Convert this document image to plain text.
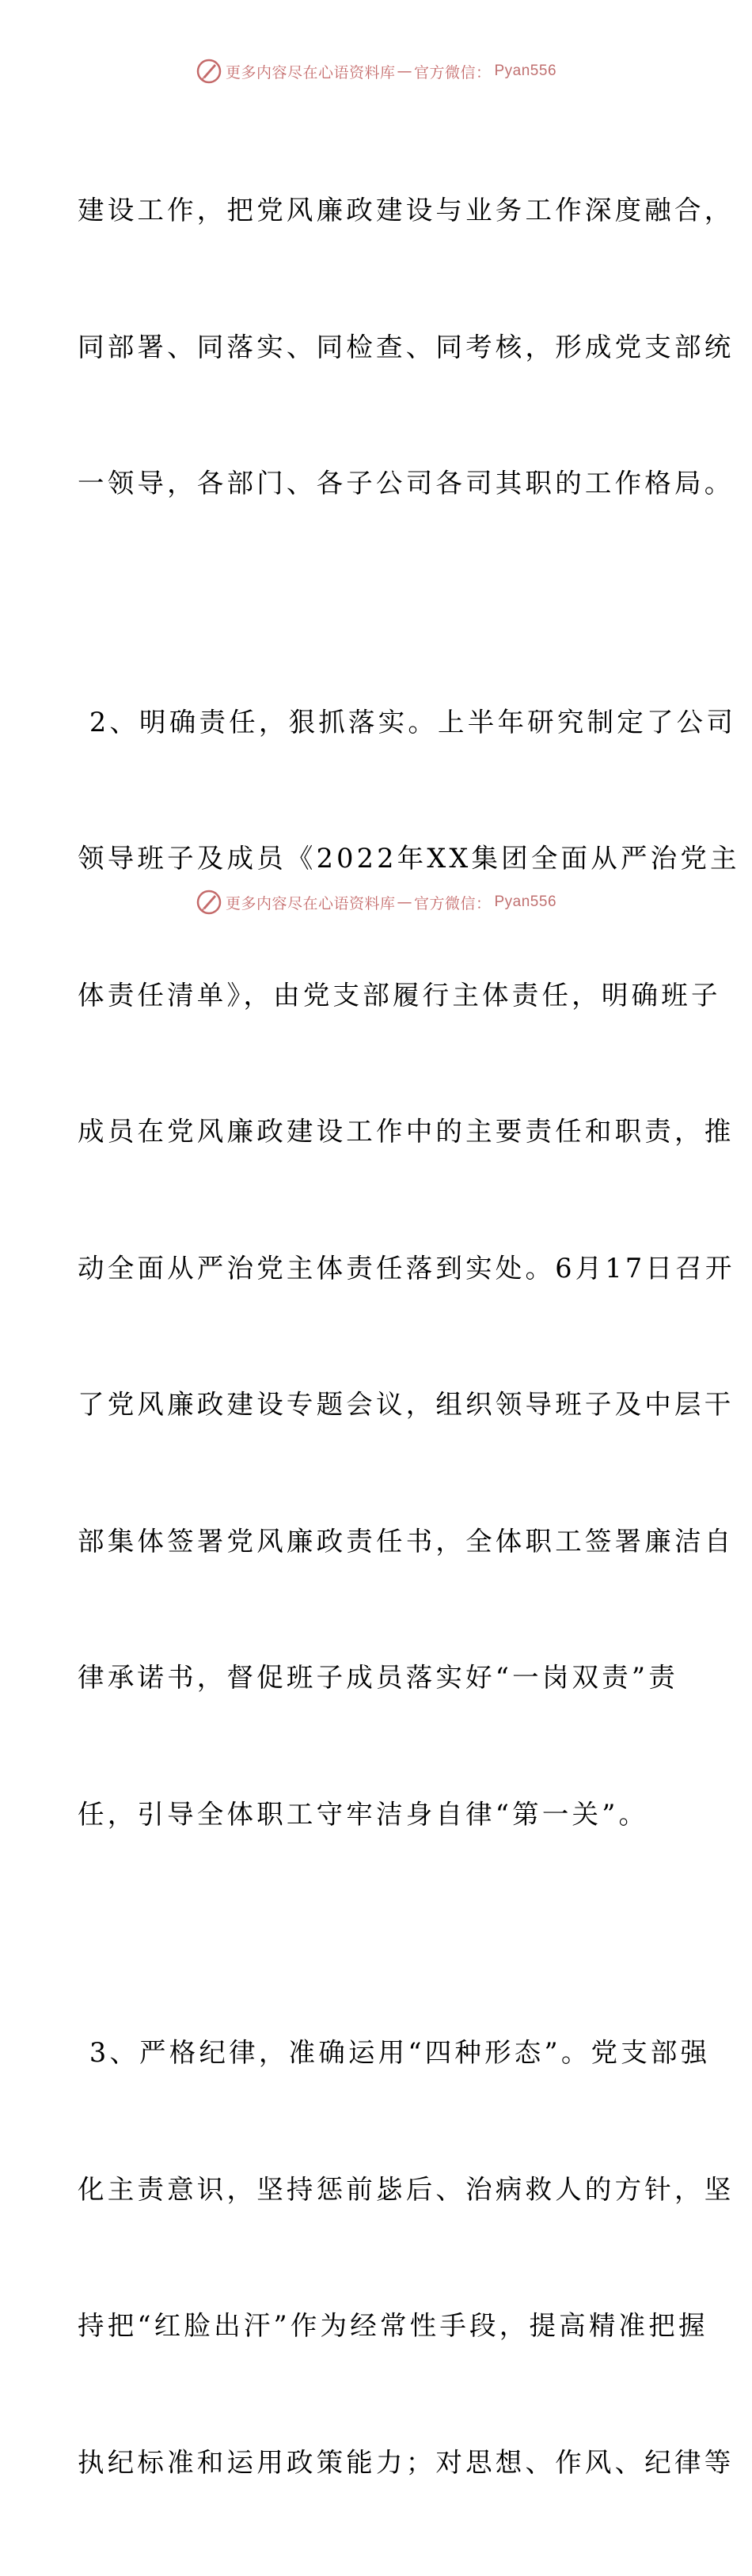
更多内容尽在心语资料库 — 官方微信： Pyan556

建设工作，把党风廉政建设与业务工作深度融合，

同部署、同落实、同检查、同考核，形成党支部统

一领导，各部门、各子公司各司其职的工作格局。

2、明确责任，狠抓落实。上半年研究制定了公司

领导班子及成员《2022年XX集团全面从严治党主

体责任清单》，由党支部履行主体责任，明确班子

成员在党风廉政建设工作中的主要责任和职责，推

动全面从严治党主体责任落到实处。6月17日召开

了党风廉政建设专题会议，组织领导班子及中层干

部集体签署党风廉政责任书，全体职工签署廉洁自

律承诺书，督促班子成员落实好“一岗双责”责

任，引导全体职工守牢洁身自律“第一关”。

3、严格纪律，准确运用“四种形态”。党支部强

化主责意识，坚持惩前毖后、治病救人的方针，坚

持把“红脸出汗”作为经常性手段，提高精准把握

执纪标准和运用政策能力；对思想、作风、纪律等

更多内容尽在心语资料库 — 官方微信： Pyan556
